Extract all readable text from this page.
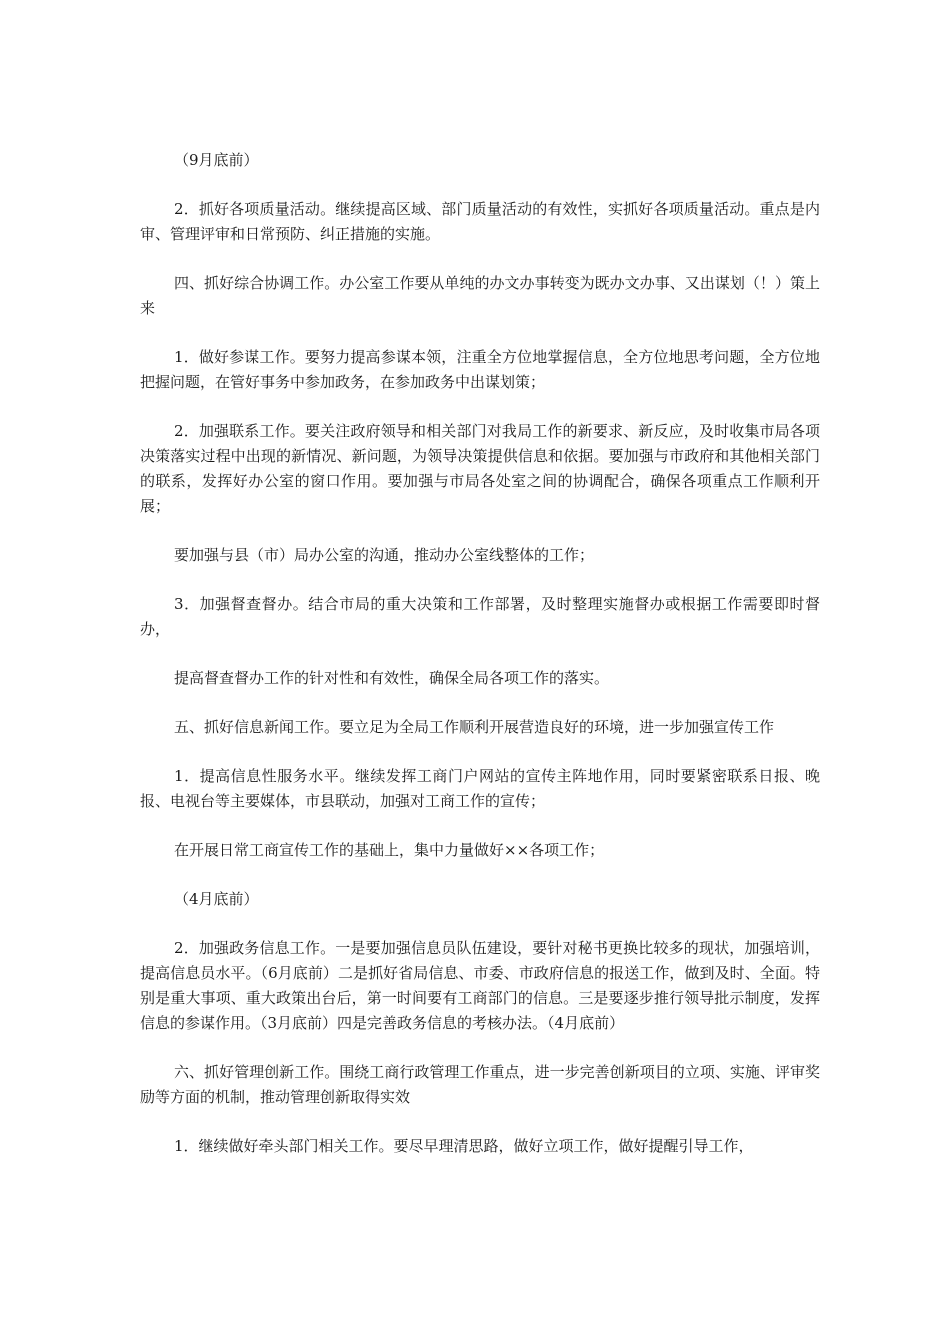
（9月底前）

2．抓好各项质量活动。继续提高区域、部门质量活动的有效性，实抓好各项质量活动。重点是内审、管理评审和日常预防、纠正措施的实施。

四、抓好综合协调工作。办公室工作要从单纯的办文办事转变为既办文办事、又出谋划（！）策上来

1．做好参谋工作。要努力提高参谋本领，注重全方位地掌握信息，全方位地思考问题，全方位地把握问题，在管好事务中参加政务，在参加政务中出谋划策；

2．加强联系工作。要关注政府领导和相关部门对我局工作的新要求、新反应，及时收集市局各项决策落实过程中出现的新情况、新问题，为领导决策提供信息和依据。要加强与市政府和其他相关部门的联系，发挥好办公室的窗口作用。要加强与市局各处室之间的协调配合，确保各项重点工作顺利开展；

要加强与县（市）局办公室的沟通，推动办公室线整体的工作；

3．加强督查督办。结合市局的重大决策和工作部署，及时整理实施督办或根据工作需要即时督办，

提高督查督办工作的针对性和有效性，确保全局各项工作的落实。

五、抓好信息新闻工作。要立足为全局工作顺利开展营造良好的环境，进一步加强宣传工作

1．提高信息性服务水平。继续发挥工商门户网站的宣传主阵地作用，同时要紧密联系日报、晚报、电视台等主要媒体，市县联动，加强对工商工作的宣传；

在开展日常工商宣传工作的基础上，集中力量做好××各项工作；

（4月底前）

2．加强政务信息工作。一是要加强信息员队伍建设，要针对秘书更换比较多的现状，加强培训，提高信息员水平。（6月底前）二是抓好省局信息、市委、市政府信息的报送工作，做到及时、全面。特别是重大事项、重大政策出台后，第一时间要有工商部门的信息。三是要逐步推行领导批示制度，发挥信息的参谋作用。（3月底前）四是完善政务信息的考核办法。（4月底前）

六、抓好管理创新工作。围绕工商行政管理工作重点，进一步完善创新项目的立项、实施、评审奖励等方面的机制，推动管理创新取得实效

1．继续做好牵头部门相关工作。要尽早理清思路，做好立项工作，做好提醒引导工作，
